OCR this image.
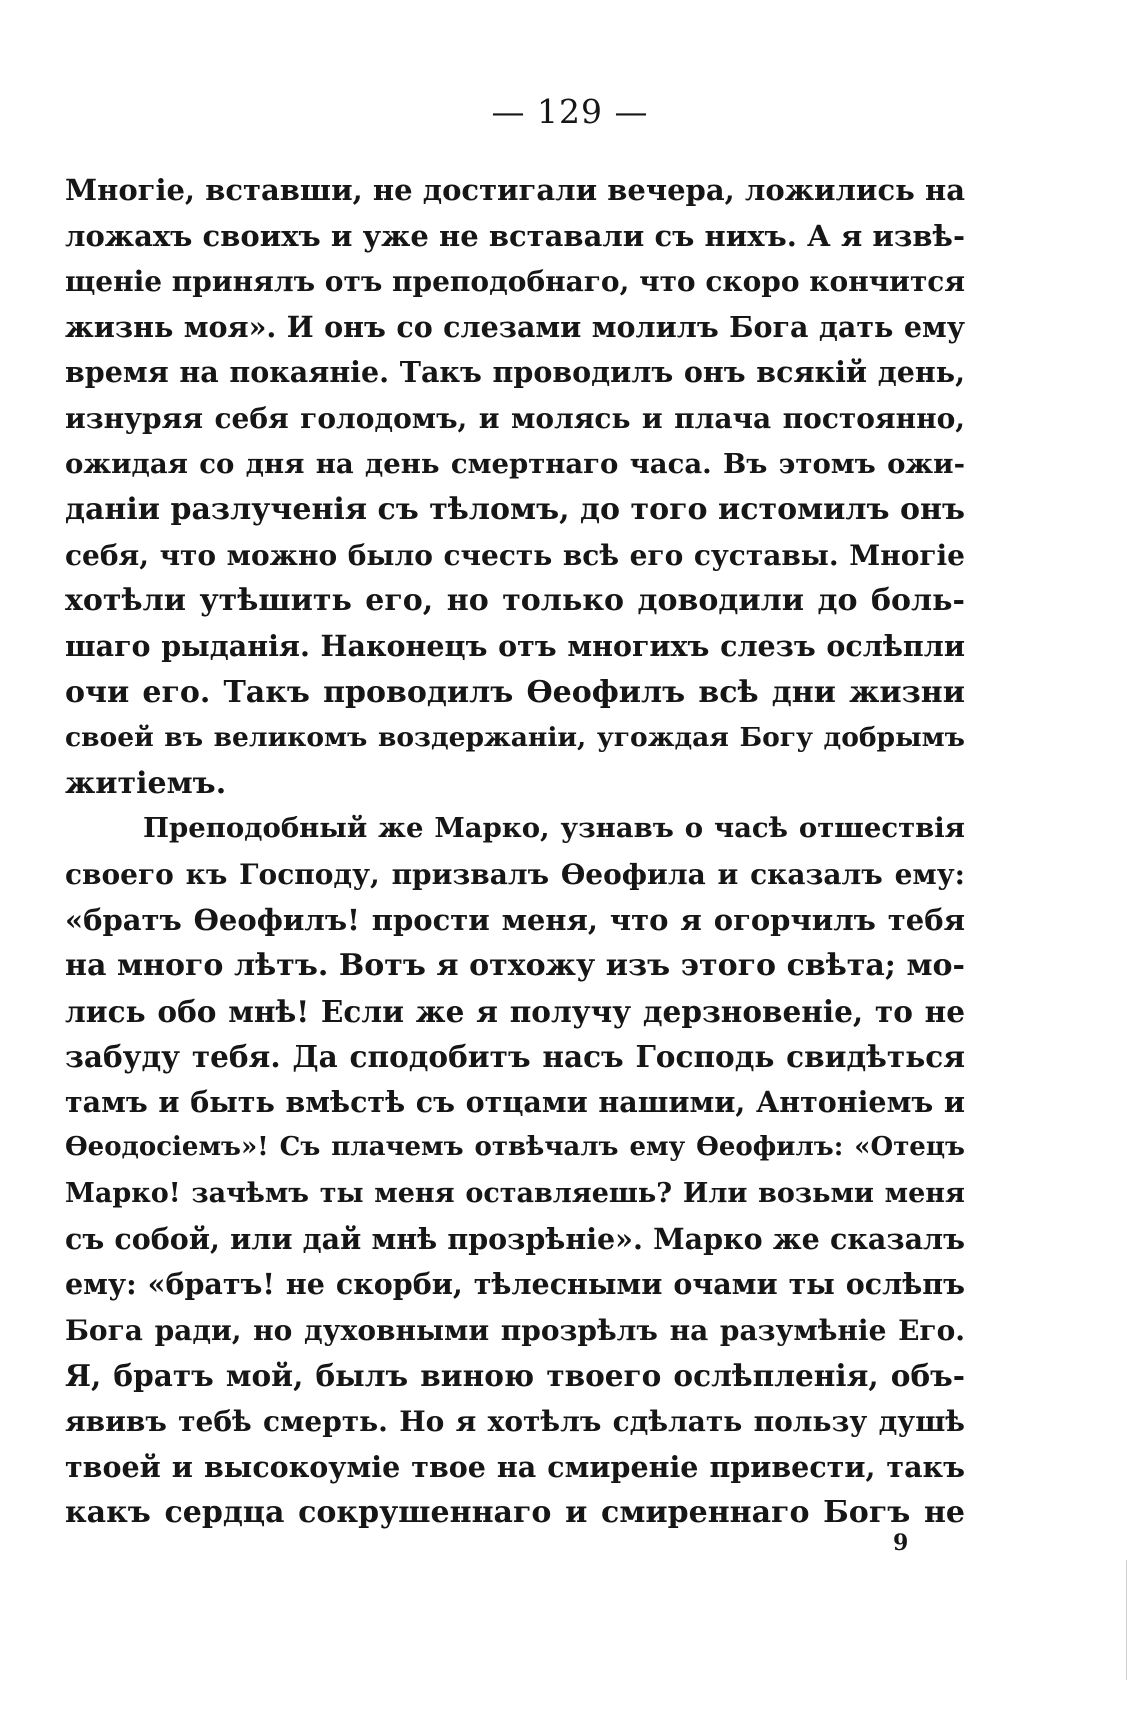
— 129 —
Многіе, вставши, не достигали вечера, ложились на
ложахъ своихъ и уже не вставали съ нихъ. А я извѣ-
щеніе принялъ отъ преподобнаго, что скоро кончится
жизнь моя». И онъ со слезами молилъ Бога дать ему
время на покаяніе. Такъ проводилъ онъ всякій день,
изнуряя себя голодомъ, и молясь и плача постоянно,
ожидая со дня на день смертнаго часа. Въ этомъ ожи-
даніи разлученія съ тѣломъ, до того истомилъ онъ
себя, что можно было счесть всѣ его суставы. Многіе
хотѣли утѣшить его, но только доводили до боль-
шаго рыданія. Наконецъ отъ многихъ слезъ ослѣпли
очи его. Такъ проводилъ Өеофилъ всѣ дни жизни
своей въ великомъ воздержаніи, угождая Богу добрымъ
житіемъ.
Преподобный же Марко, узнавъ о часѣ отшествія
своего къ Господу, призвалъ Өеофила и сказалъ ему:
«братъ Өеофилъ! прости меня, что я огорчилъ тебя
на много лѣтъ. Вотъ я отхожу изъ этого свѣта; мо-
лись обо мнѣ! Если же я получу дерзновеніе, то не
забуду тебя. Да сподобитъ насъ Господь свидѣться
тамъ и быть вмѣстѣ съ отцами нашими, Антоніемъ и
Өеодосіемъ»! Съ плачемъ отвѣчалъ ему Өеофилъ: «Отецъ
Марко! зачѣмъ ты меня оставляешь? Или возьми меня
съ собой, или дай мнѣ прозрѣніе». Марко же сказалъ
ему: «братъ! не скорби, тѣлесными очами ты ослѣпъ
Бога ради, но духовными прозрѣлъ на разумѣніе Его.
Я, братъ мой, былъ виною твоего ослѣпленія, объ-
явивъ тебѣ смерть. Но я хотѣлъ сдѣлать пользу душѣ
твоей и высокоуміе твое на смиреніе привести, такъ
какъ сердца сокрушеннаго и смиреннаго Богъ не
9
